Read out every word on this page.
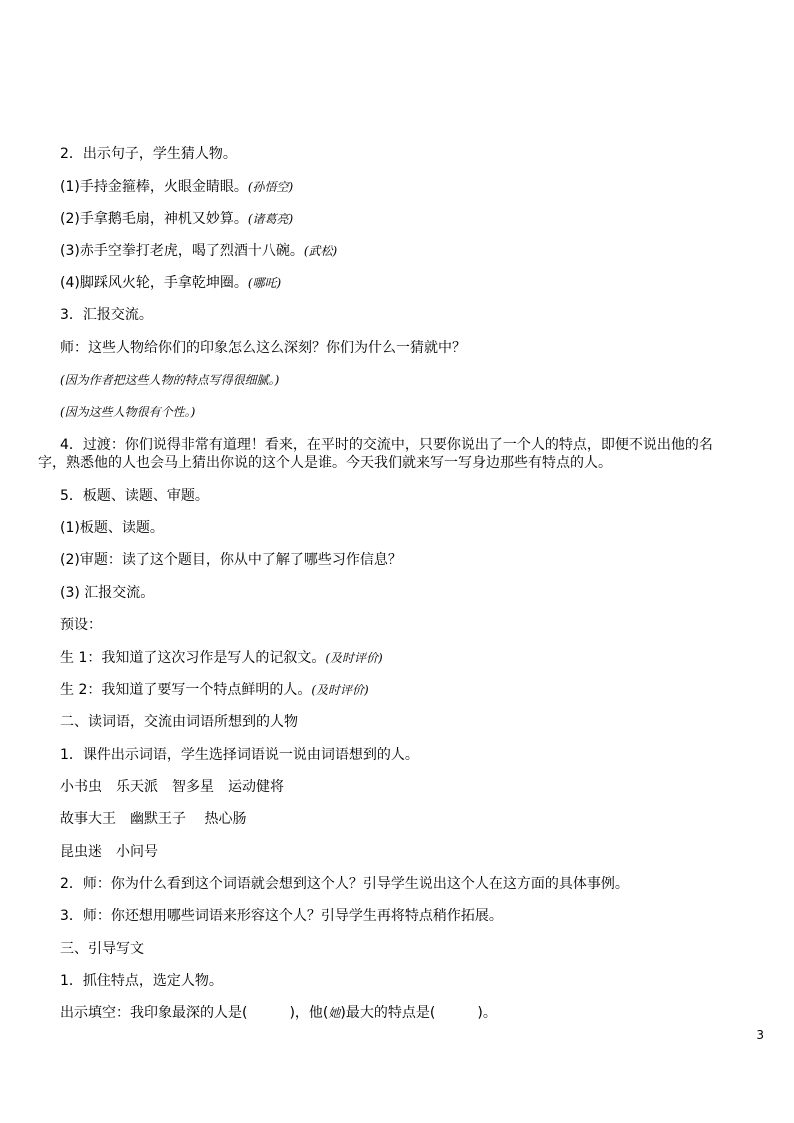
2．出示句子，学生猜人物。
(1)手持金箍棒，火眼金睛眼。(孙悟空)
(2)手拿鹅毛扇，神机又妙算。(诸葛亮)
(3)赤手空拳打老虎，喝了烈酒十八碗。(武松)
(4)脚踩风火轮，手拿乾坤圈。(哪吒)
3．汇报交流。
师：这些人物给你们的印象怎么这么深刻？你们为什么一猜就中？
(因为作者把这些人物的特点写得很细腻。)
(因为这些人物很有个性。)
4．过渡：你们说得非常有道理！看来，在平时的交流中，只要你说出了一个人的特点，即便不说出他的名
字，熟悉他的人也会马上猜出你说的这个人是谁。今天我们就来写一写身边那些有特点的人。
5．板题、读题、审题。
(1)板题、读题。
(2)审题：读了这个题目，你从中了解了哪些习作信息？
(3) 汇报交流。
预设：
生 1：我知道了这次习作是写人的记叙文。(及时评价)
生 2：我知道了要写一个特点鲜明的人。(及时评价)
二、读词语，交流由词语所想到的人物
1．课件出示词语，学生选择词语说一说由词语想到的人。
小书虫　乐天派　智多星　运动健将
故事大王　幽默王子　 热心肠
昆虫迷　小问号
2．师：你为什么看到这个词语就会想到这个人？引导学生说出这个人在这方面的具体事例。
3．师：你还想用哪些词语来形容这个人？引导学生再将特点稍作拓展。
三、引导写文
1．抓住特点，选定人物。
出示填空：我印象最深的人是(　　　)，他(她)最大的特点是(　　　)。
3
